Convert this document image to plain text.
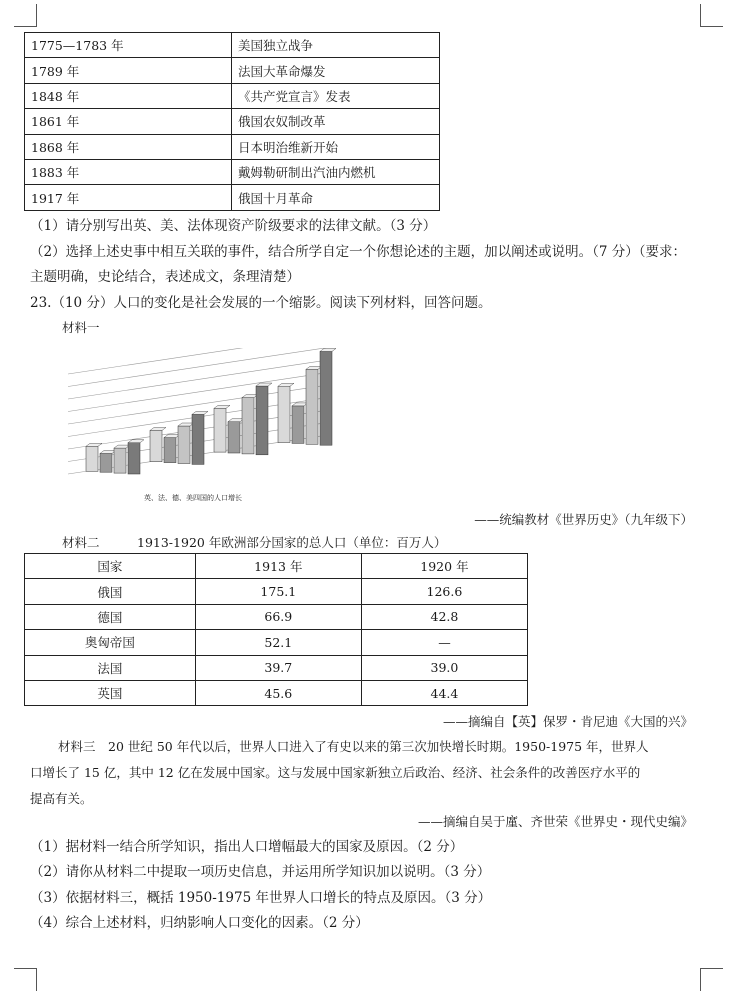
1775—1783 年	美国独立战争
1789 年	法国大革命爆发
1848 年	《共产党宣言》发表
1861 年	俄国农奴制改革
1868 年	日本明治维新开始
1883 年	戴姆勒研制出汽油内燃机
1917 年	俄国十月革命
（1）请分别写出英、美、法体现资产阶级要求的法律文献。（3 分）
（2）选择上述史事中相互关联的事件，结合所学自定一个你想论述的主题，加以阐述或说明。（7 分）（要求：
主题明确，史论结合，表述成文，条理清楚）
23.（10 分）人口的变化是社会发展的一个缩影。阅读下列材料，回答问题。
材料一
英、法、德、美四国的人口增长
——统编教材《世界历史》（九年级下）
材料二　　　1913-1920 年欧洲部分国家的总人口（单位：百万人）
国家	1913 年	1920 年
俄国	175.1	126.6
德国	66.9	42.8
奥匈帝国	52.1	—
法国	39.7	39.0
英国	45.6	44.4
——摘编自【英】保罗・肯尼迪《大国的兴》
材料三　20 世纪 50 年代以后，世界人口进入了有史以来的第三次加快增长时期。1950-1975 年，世界人
口增长了 15 亿，其中 12 亿在发展中国家。这与发展中国家新独立后政治、经济、社会条件的改善医疗水平的
提高有关。
——摘编自吴于廑、齐世荣《世界史・现代史编》
（1）据材料一结合所学知识，指出人口增幅最大的国家及原因。（2 分）
（2）请你从材料二中提取一项历史信息，并运用所学知识加以说明。（3 分）
（3）依据材料三，概括 1950-1975 年世界人口增长的特点及原因。（3 分）
（4）综合上述材料，归纳影响人口变化的因素。（2 分）
